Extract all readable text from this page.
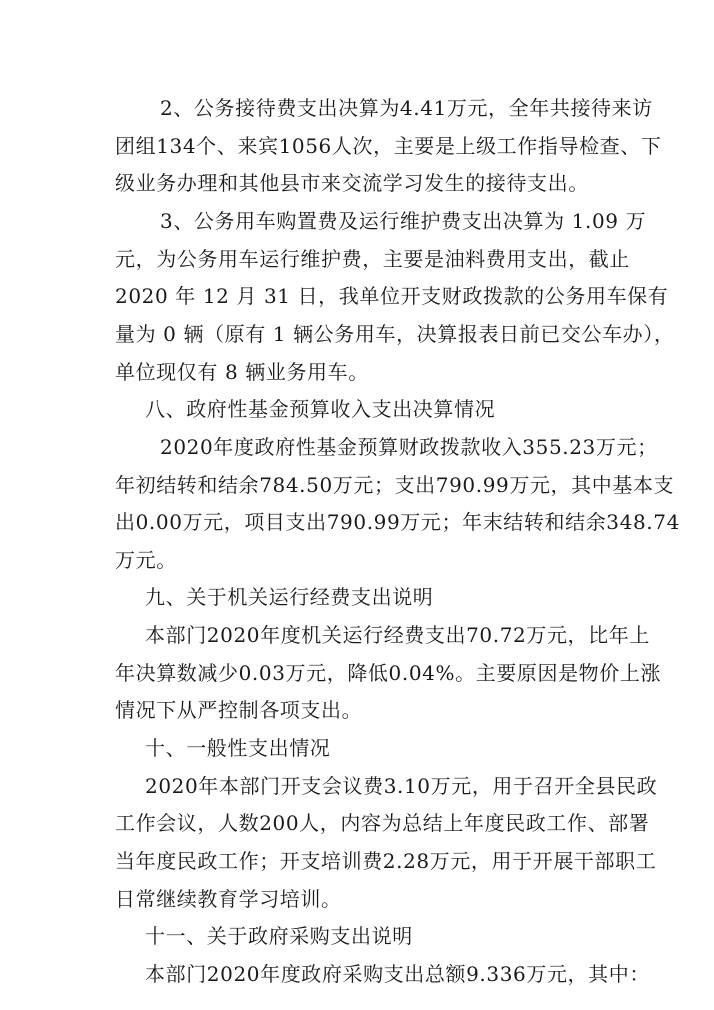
2、公务接待费支出决算为4.41万元，全年共接待来访
团组134个、来宾1056人次，主要是上级工作指导检查、下
级业务办理和其他县市来交流学习发生的接待支出。
3、公务用车购置费及运行维护费支出决算为 1.09 万
元，为公务用车运行维护费，主要是油料费用支出，截止
2020 年 12 月 31 日，我单位开支财政拨款的公务用车保有
量为 0 辆（原有 1 辆公务用车，决算报表日前已交公车办），
单位现仅有 8 辆业务用车。
八、政府性基金预算收入支出决算情况
2020年度政府性基金预算财政拨款收入355.23万元；
年初结转和结余784.50万元；支出790.99万元，其中基本支
出0.00万元，项目支出790.99万元；年末结转和结余348.74
万元。
九、关于机关运行经费支出说明
本部门2020年度机关运行经费支出70.72万元，比年上
年决算数减少0.03万元，降低0.04%。主要原因是物价上涨
情况下从严控制各项支出。
十、一般性支出情况
2020年本部门开支会议费3.10万元，用于召开全县民政
工作会议，人数200人，内容为总结上年度民政工作、部署
当年度民政工作；开支培训费2.28万元，用于开展干部职工
日常继续教育学习培训。
十一、关于政府采购支出说明
本部门2020年度政府采购支出总额9.336万元，其中：
